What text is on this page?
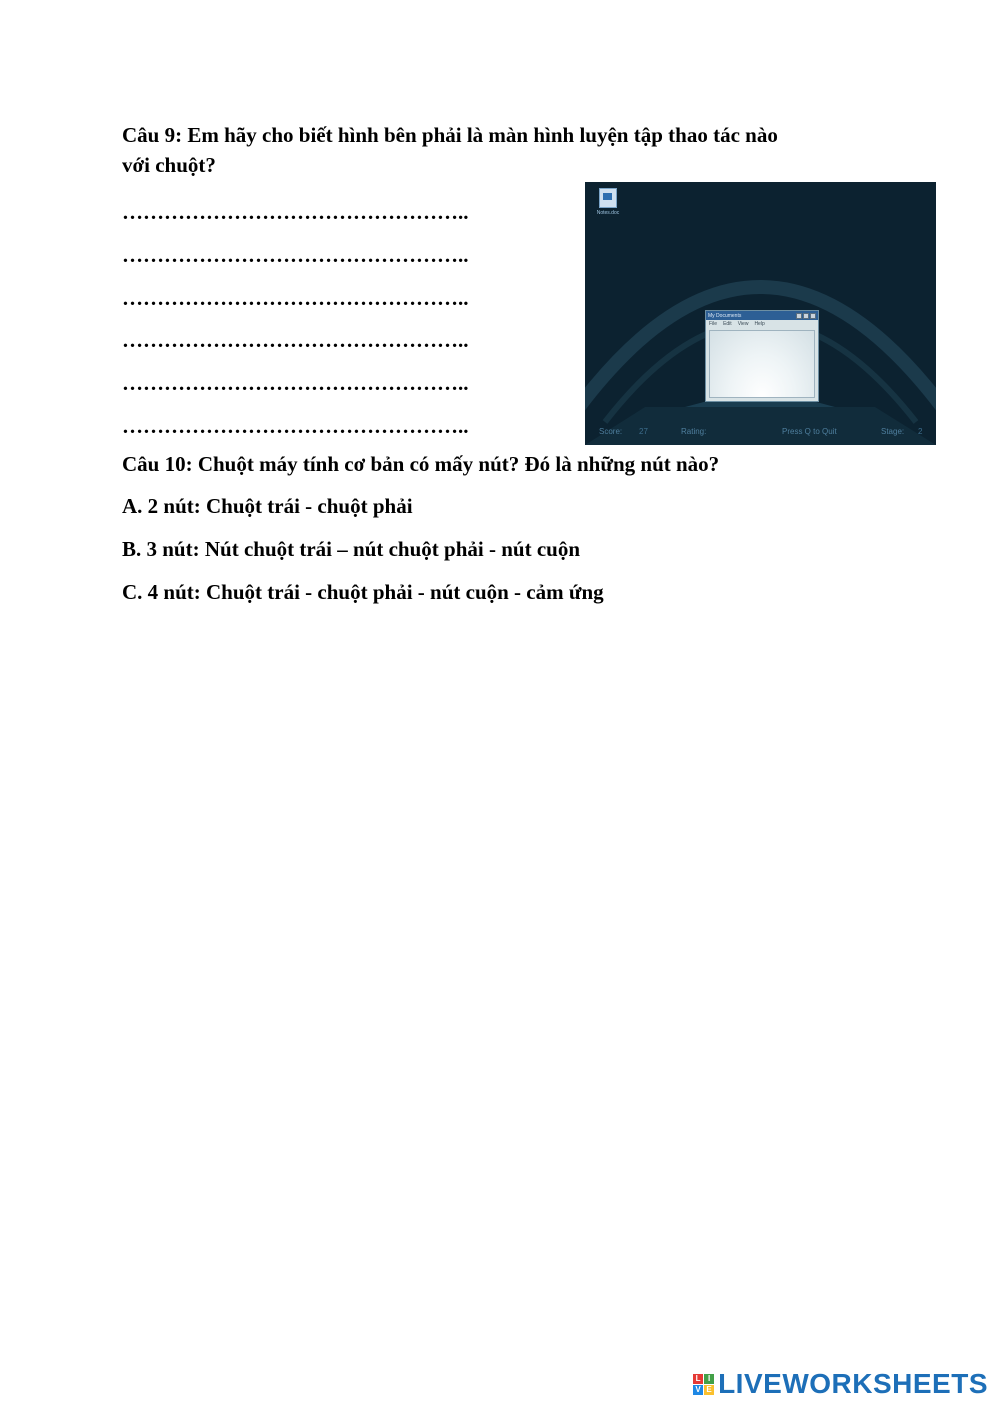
Câu 9: Em hãy cho biết hình bên phải là màn hình luyện tập thao tác nào

với chuột?

…………………………………………..

…………………………………………..

…………………………………………..

…………………………………………..

…………………………………………..

…………………………………………..

Notes.doc
My Documents
File Edit View Help
Score: 27	Rating:	Press Q to Quit	Stage: 2

Câu 10: Chuột máy tính cơ bản có mấy nút? Đó là những nút nào?

A. 2 nút: Chuột trái - chuột phải

B. 3 nút: Nút chuột trái – nút chuột phải - nút cuộn

C. 4 nút: Chuột trái - chuột phải - nút cuộn - cảm ứng

L I
V E LIVEWORKSHEETS
